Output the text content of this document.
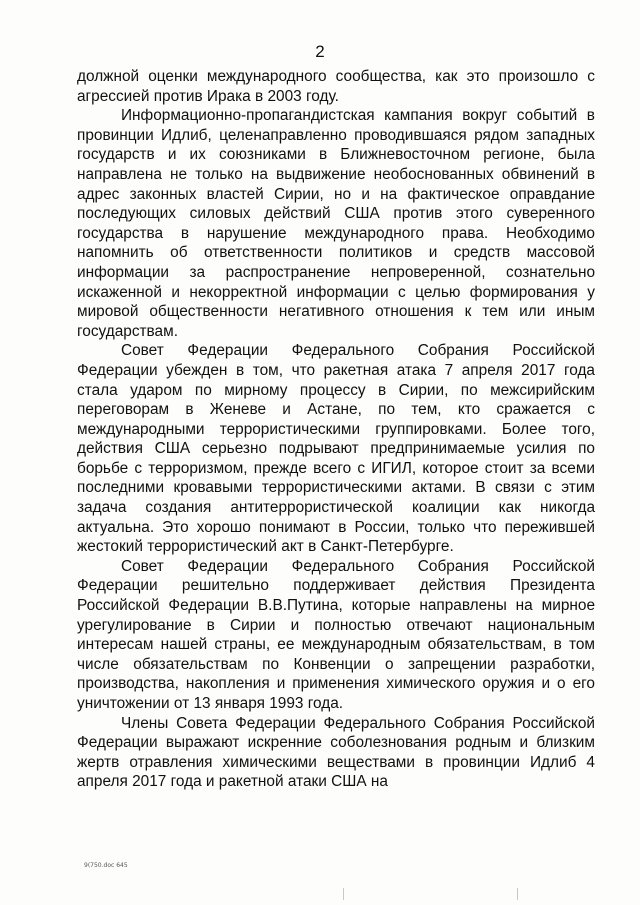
2

должной оценки международного сообщества, как это произошло с агрессией против Ирака в 2003 году.

Информационно-пропагандистская кампания вокруг событий в провинции Идлиб, целенаправленно проводившаяся рядом западных государств и их союзниками в Ближневосточном регионе, была направлена не только на выдвижение необоснованных обвинений в адрес законных властей Сирии, но и на фактическое оправдание последующих силовых действий США против этого суверенного государства в нарушение международного права. Необходимо напомнить об ответственности политиков и средств массовой информации за распространение непроверенной, сознательно искаженной и некорректной информации с целью формирования у мировой общественности негативного отношения к тем или иным государствам.

Совет Федерации Федерального Собрания Российской Федерации убежден в том, что ракетная атака 7 апреля 2017 года стала ударом по мирному процессу в Сирии, по межсирийским переговорам в Женеве и Астане, по тем, кто сражается с международными террористическими группировками. Более того, действия США серьезно подрывают предпринимаемые усилия по борьбе с терроризмом, прежде всего с ИГИЛ, которое стоит за всеми последними кровавыми террористическими актами. В связи с этим задача создания антитеррористической коалиции как никогда актуальна. Это хорошо понимают в России, только что пережившей жестокий террористический акт в Санкт-Петербурге.

Совет Федерации Федерального Собрания Российской Федерации решительно поддерживает действия Президента Российской Федерации В.В.Путина, которые направлены на мирное урегулирование в Сирии и полностью отвечают национальным интересам нашей страны, ее международным обязательствам, в том числе обязательствам по Конвенции о запрещении разработки, производства, накопления и применения химического оружия и о его уничтожении от 13 января 1993 года.

Члены Совета Федерации Федерального Собрания Российской Федерации выражают искренние соболезнования родным и близким жертв отравления химическими веществами в провинции Идлиб 4 апреля 2017 года и ракетной атаки США на

9(750.doc 645
